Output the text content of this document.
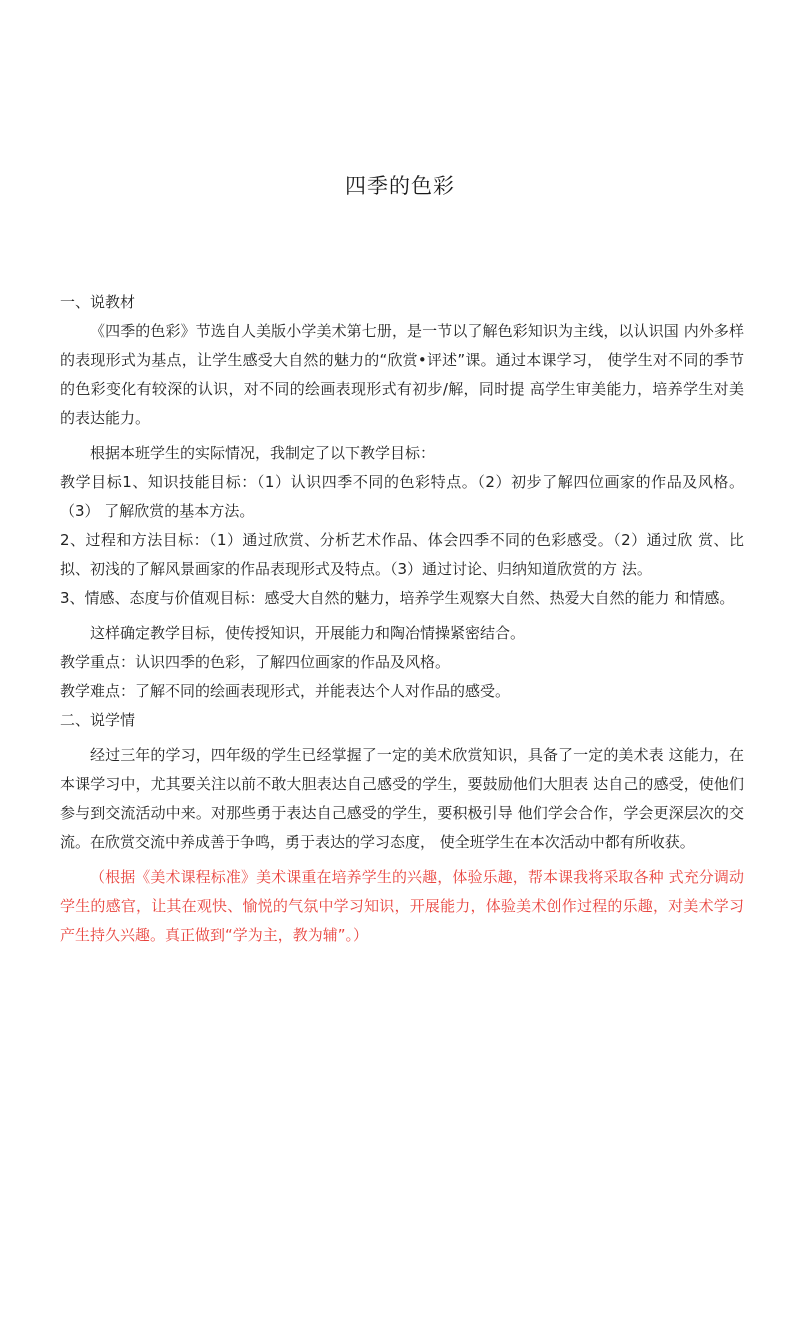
四季的色彩

一、说教材

《四季的色彩》节选自人美版小学美术第七册，是一节以了解色彩知识为主线，以认识国 内外多样的表现形式为基点，让学生感受大自然的魅力的“欣赏•评述”课。通过本课学习， 使学生对不同的季节的色彩变化有较深的认识，对不同的绘画表现形式有初步/解，同时提 高学生审美能力，培养学生对美的表达能力。

根据本班学生的实际情况，我制定了以下教学目标：

教学目标1、知识技能目标：（1）认识四季不同的色彩特点。（2）初步了解四位画家的作品及风格。（3） 了解欣赏的基本方法。

2、过程和方法目标：（1）通过欣赏、分析艺术作品、体会四季不同的色彩感受。（2）通过欣 赏、比拟、初浅的了解风景画家的作品表现形式及特点。（3）通过讨论、归纳知道欣赏的方 法。

3、情感、态度与价值观目标：感受大自然的魅力，培养学生观察大自然、热爱大自然的能力 和情感。

这样确定教学目标，使传授知识，开展能力和陶冶情操紧密结合。

教学重点：认识四季的色彩，了解四位画家的作品及风格。

教学难点：了解不同的绘画表现形式，并能表达个人对作品的感受。

二、说学情

经过三年的学习，四年级的学生已经掌握了一定的美术欣赏知识，具备了一定的美术表 这能力，在本课学习中，尤其要关注以前不敢大胆表达自己感受的学生，要鼓励他们大胆表 达自己的感受，使他们参与到交流活动中来。对那些勇于表达自己感受的学生，要积极引导 他们学会合作，学会更深层次的交流。在欣赏交流中养成善于争鸣，勇于表达的学习态度， 使全班学生在本次活动中都有所收获。

（根据《美术课程标准》美术课重在培养学生的兴趣，体验乐趣，帮本课我将采取各种 式充分调动学生的感官，让其在观快、愉悦的气氛中学习知识，开展能力，体验美术创作过程的乐趣，对美术学习产生持久兴趣。真正做到“学为主，教为辅”。）
